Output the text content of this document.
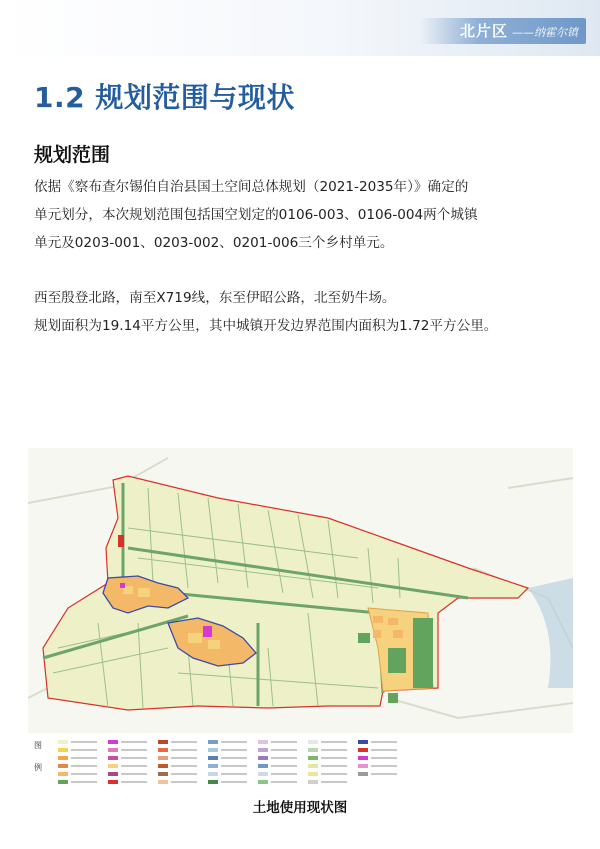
北片区 ——纳霍尔镇
1.2 规划范围与现状
规划范围
依据《察布查尔锡伯自治县国土空间总体规划（2021-2035年）》确定的
单元划分，本次规划范围包括国空划定的0106-003、0106-004两个城镇
单元及0203-001、0203-002、0201-006三个乡村单元。
西至殷登北路，南至X719线，东至伊昭公路，北至奶牛场。
规划面积为19.14平方公里，其中城镇开发边界范围内面积为1.72平方公里。
图
例
土地使用现状图
